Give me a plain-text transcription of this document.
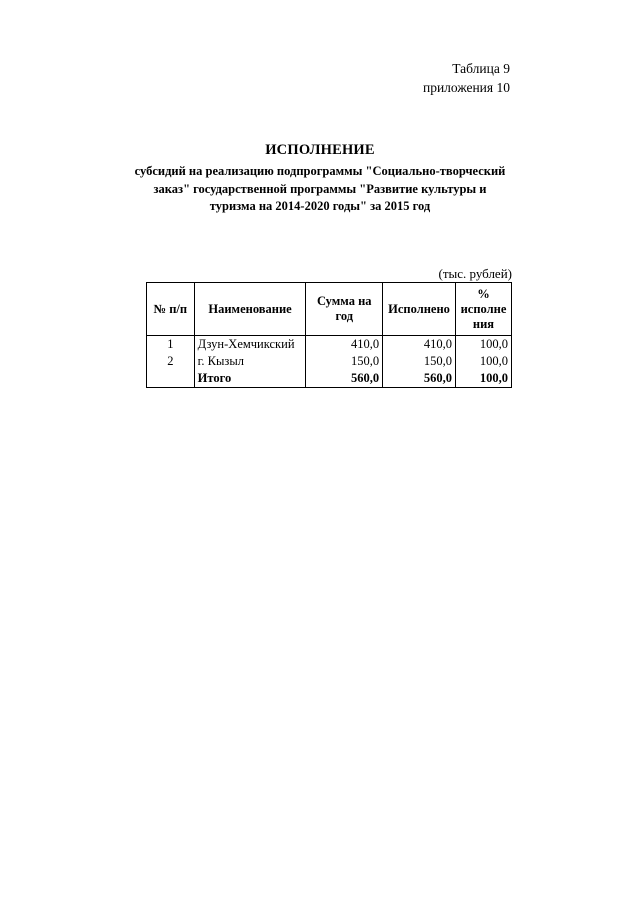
Таблица 9
приложения 10
ИСПОЛНЕНИЕ
субсидий на реализацию подпрограммы "Социально-творческий
заказ" государственной программы "Развитие культуры и
туризма на 2014-2020 годы" за 2015 год
(тыс. рублей)
№ п/п	Наименование	Сумма на год	Исполнено	% исполне ния
1	Дзун-Хемчикский	410,0	410,0	100,0
2	г. Кызыл	150,0	150,0	100,0
	Итого	560,0	560,0	100,0
